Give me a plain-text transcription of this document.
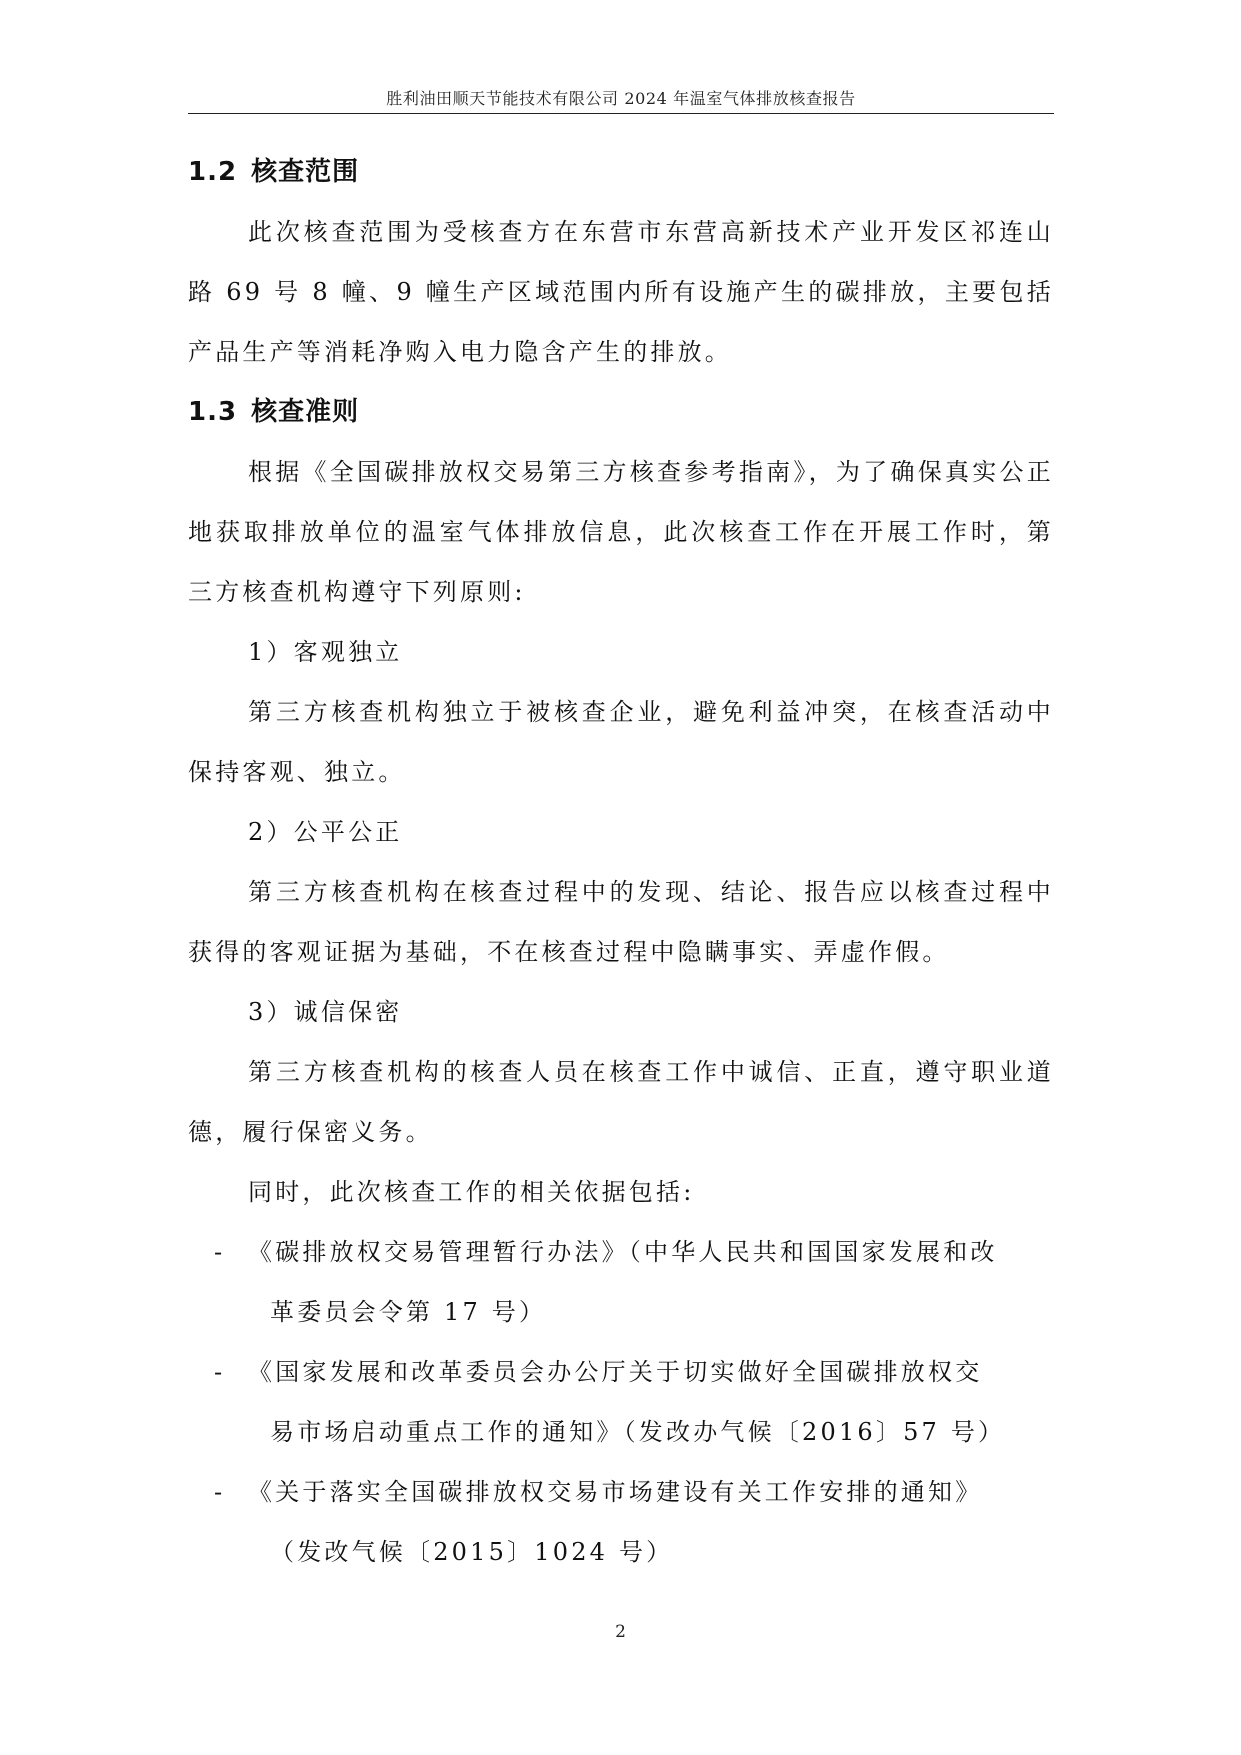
胜利油田顺天节能技术有限公司 2024 年温室气体排放核查报告
1.2 核查范围

此次核查范围为受核查方在东营市东营高新技术产业开发区祁连山路 69 号 8 幢、9 幢生产区域范围内所有设施产生的碳排放，主要包括产品生产等消耗净购入电力隐含产生的排放。

1.3 核查准则

根据《全国碳排放权交易第三方核查参考指南》，为了确保真实公正地获取排放单位的温室气体排放信息，此次核查工作在开展工作时，第三方核查机构遵守下列原则:

1）客观独立

第三方核查机构独立于被核查企业，避免利益冲突，在核查活动中保持客观、独立。

2）公平公正

第三方核查机构在核查过程中的发现、结论、报告应以核查过程中获得的客观证据为基础，不在核查过程中隐瞒事实、弄虚作假。

3）诚信保密

第三方核查机构的核查人员在核查工作中诚信、正直，遵守职业道德，履行保密义务。

同时，此次核查工作的相关依据包括:

- 《碳排放权交易管理暂行办法》（中华人民共和国国家发展和改
革委员会令第 17 号）
- 《国家发展和改革委员会办公厅关于切实做好全国碳排放权交
易市场启动重点工作的通知》（发改办气候〔2016〕57 号）
- 《关于落实全国碳排放权交易市场建设有关工作安排的通知》
（发改气候〔2015〕1024 号）
2
